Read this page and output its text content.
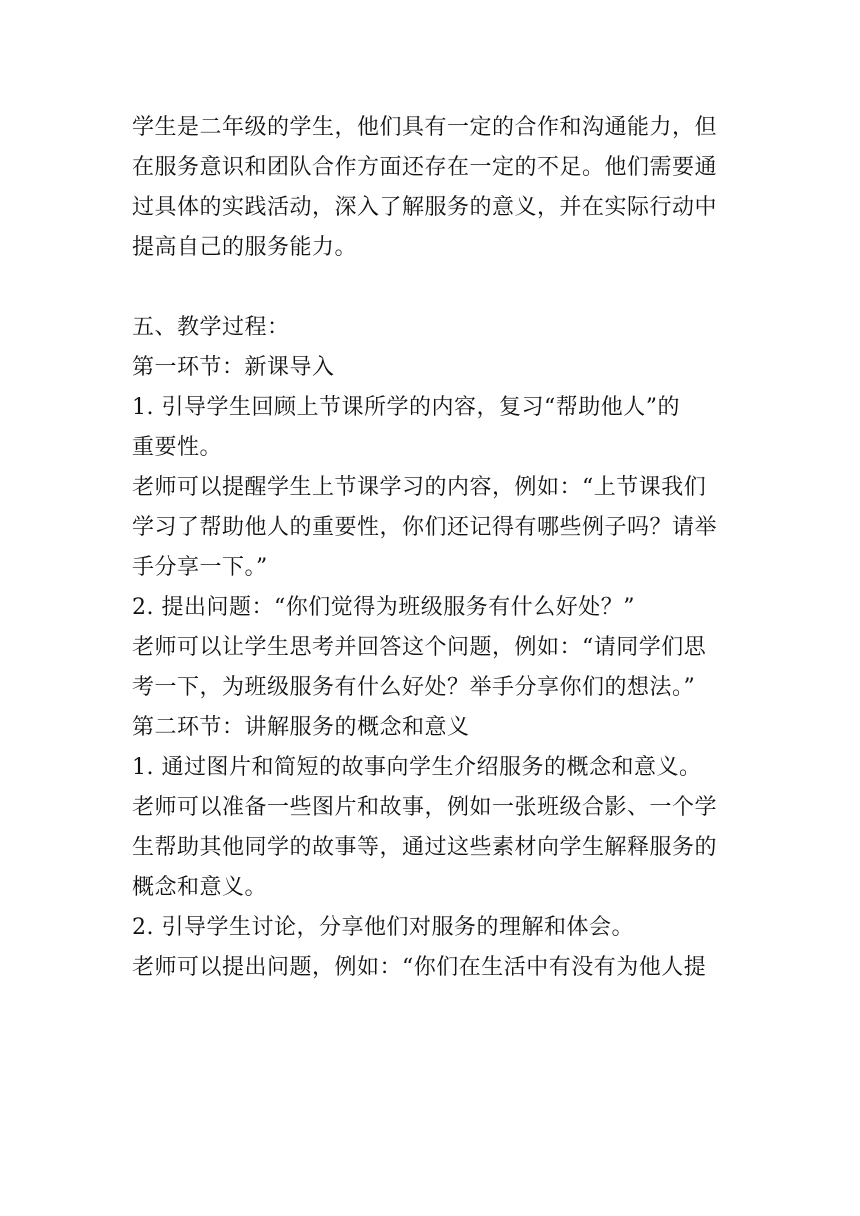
学生是二年级的学生，他们具有一定的合作和沟通能力，但
在服务意识和团队合作方面还存在一定的不足。他们需要通
过具体的实践活动，深入了解服务的意义，并在实际行动中
提高自己的服务能力。
五、教学过程：
第一环节：新课导入
1. 引导学生回顾上节课所学的内容，复习“帮助他人”的
重要性。
老师可以提醒学生上节课学习的内容，例如：“上节课我们
学习了帮助他人的重要性，你们还记得有哪些例子吗？请举
手分享一下。”
2. 提出问题：“你们觉得为班级服务有什么好处？”
老师可以让学生思考并回答这个问题，例如：“请同学们思
考一下，为班级服务有什么好处？举手分享你们的想法。”
第二环节：讲解服务的概念和意义
1. 通过图片和简短的故事向学生介绍服务的概念和意义。
老师可以准备一些图片和故事，例如一张班级合影、一个学
生帮助其他同学的故事等，通过这些素材向学生解释服务的
概念和意义。
2. 引导学生讨论，分享他们对服务的理解和体会。
老师可以提出问题，例如：“你们在生活中有没有为他人提
